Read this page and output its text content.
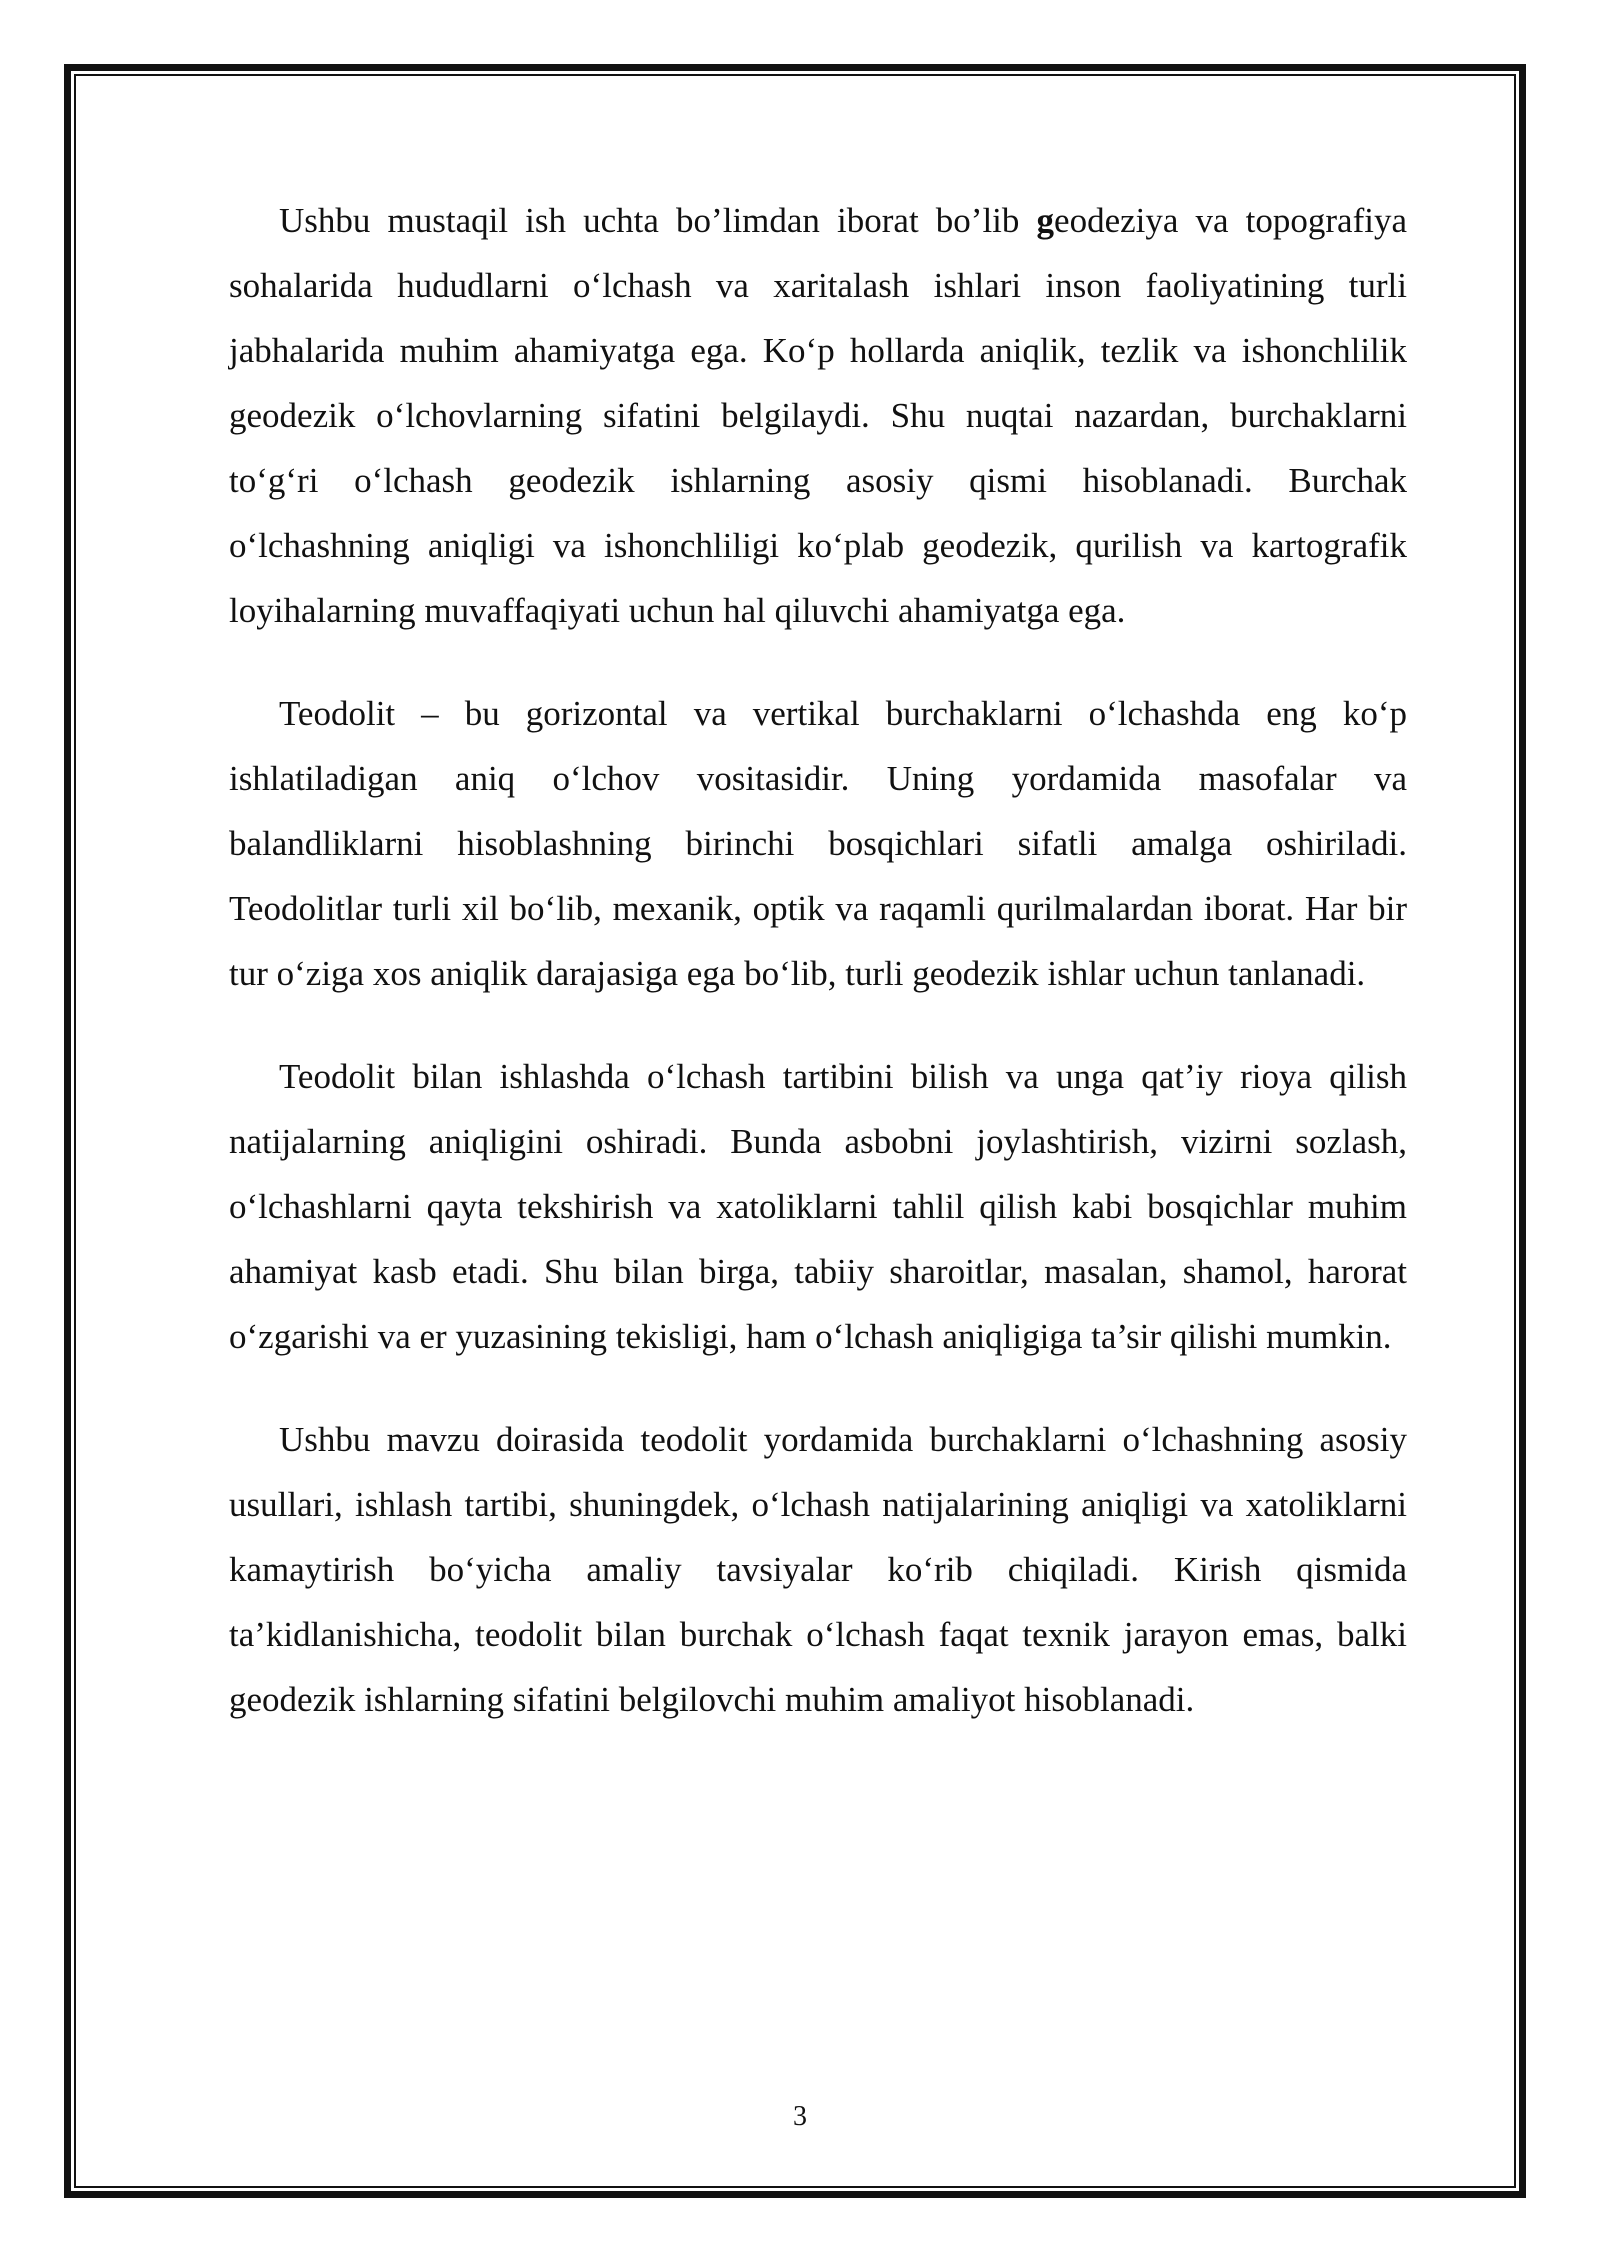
Ushbu mustaqil ish uchta bo’limdan iborat bo’lib geodeziya va topografiya sohalarida hududlarni o‘lchash va xaritalash ishlari inson faoliyatining turli jabhalarida muhim ahamiyatga ega. Ko‘p hollarda aniqlik, tezlik va ishonchlilik geodezik o‘lchovlarning sifatini belgilaydi. Shu nuqtai nazardan, burchaklarni to‘g‘ri o‘lchash geodezik ishlarning asosiy qismi hisoblanadi. Burchak o‘lchashning aniqligi va ishonchliligi ko‘plab geodezik, qurilish va kartografik loyihalarning muvaffaqiyati uchun hal qiluvchi ahamiyatga ega.

Teodolit – bu gorizontal va vertikal burchaklarni o‘lchashda eng ko‘p ishlatiladigan aniq o‘lchov vositasidir. Uning yordamida masofalar va balandliklarni hisoblashning birinchi bosqichlari sifatli amalga oshiriladi. Teodolitlar turli xil bo‘lib, mexanik, optik va raqamli qurilmalardan iborat. Har bir tur o‘ziga xos aniqlik darajasiga ega bo‘lib, turli geodezik ishlar uchun tanlanadi.

Teodolit bilan ishlashda o‘lchash tartibini bilish va unga qat’iy rioya qilish natijalarning aniqligini oshiradi. Bunda asbobni joylashtirish, vizirni sozlash, o‘lchashlarni qayta tekshirish va xatoliklarni tahlil qilish kabi bosqichlar muhim ahamiyat kasb etadi. Shu bilan birga, tabiiy sharoitlar, masalan, shamol, harorat o‘zgarishi va er yuzasining tekisligi, ham o‘lchash aniqligiga ta’sir qilishi mumkin.

Ushbu mavzu doirasida teodolit yordamida burchaklarni o‘lchashning asosiy usullari, ishlash tartibi, shuningdek, o‘lchash natijalarining aniqligi va xatoliklarni kamaytirish bo‘yicha amaliy tavsiyalar ko‘rib chiqiladi. Kirish qismida ta’kidlanishicha, teodolit bilan burchak o‘lchash faqat texnik jarayon emas, balki geodezik ishlarning sifatini belgilovchi muhim amaliyot hisoblanadi.

3
